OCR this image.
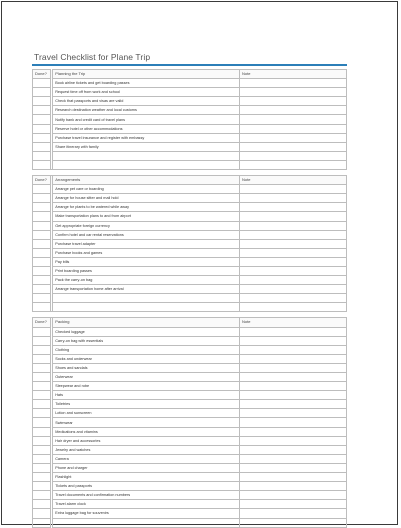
Travel Checklist for Plane Trip
Done?		Planning the Trip	Note
		Book airline tickets and get boarding passes	
		Request time off from work and school	
		Check that passports and visas are valid	
		Research destination weather and local customs	
		Notify bank and credit card of travel plans	
		Reserve hotel or other accommodations	
		Purchase travel insurance and register with embassy	
		Share itinerary with family	

Done?		Arrangements	Note
		Arrange pet care or boarding	
		Arrange for house sitter and mail hold	
		Arrange for plants to be watered while away	
		Make transportation plans to and from airport	
		Get appropriate foreign currency	
		Confirm hotel and car rental reservations	
		Purchase travel adapter	
		Purchase books and games	
		Pay bills	
		Print boarding passes	
		Pack the carry-on bag	
		Arrange transportation home after arrival	

Done?		Packing	Note
		Checked luggage	
		Carry-on bag with essentials	
		Clothing	
		Socks and underwear	
		Shoes and sandals	
		Outerwear	
		Sleepwear and robe	
		Hats	
		Toiletries	
		Lotion and sunscreen	
		Swimwear	
		Medications and vitamins	
		Hair dryer and accessories	
		Jewelry and watches	
		Camera	
		Phone and charger	
		Flashlight	
		Tickets and passports	
		Travel documents and confirmation numbers	
		Travel alarm clock	
		Extra luggage bag for souvenirs	
